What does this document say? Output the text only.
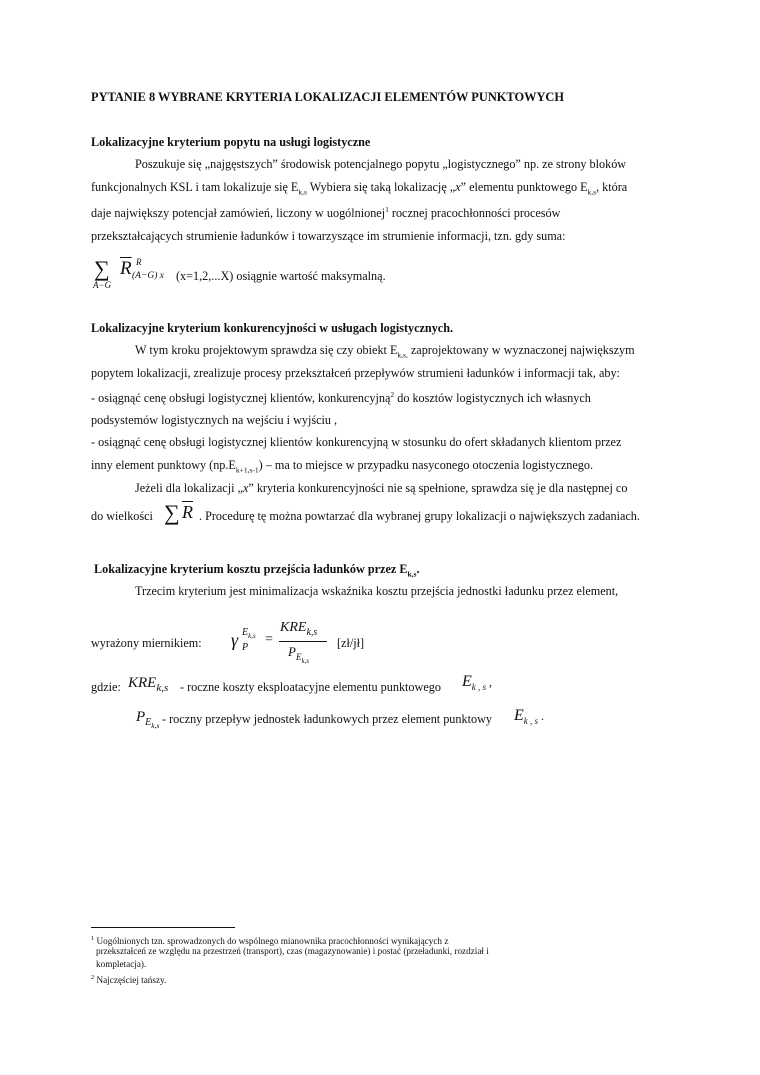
PYTANIE 8 WYBRANE KRYTERIA LOKALIZACJI ELEMENTÓW PUNKTOWYCH
Lokalizacyjne kryterium popytu na usługi logistyczne
Poszukuje się „najgęstszych” środowisk potencjalnego popytu „logistycznego” np. ze strony bloków
funkcjonalnych KSL i tam lokalizuje się $E_{k,s}$ Wybiera się taką lokalizację „x” elementu punktowego $E_{k,s}$, która
daje największy potencjał zamówień, liczony w uogólnionej$^1$ rocznej pracochłonności procesów
przekształcających strumienie ładunków i towarzyszące im strumienie informacji, tzn. gdy suma:
∑
A−G
$\overline{R}$ R
(A−G) x (x=1,2,...X) osiągnie wartość maksymalną.
Lokalizacyjne kryterium konkurencyjności w usługach logistycznych.
W tym kroku projektowym sprawdza się czy obiekt $E_{k,s,}$ zaprojektowany w wyznaczonej największym
popytem lokalizacji, zrealizuje procesy przekształceń przepływów strumieni ładunków i informacji tak, aby:
- osiągnąć cenę obsługi logistycznej klientów, konkurencyjną$^2$ do kosztów logistycznych ich własnych
podsystemów logistycznych na wejściu i wyjściu ,
- osiągnąć cenę obsługi logistycznej klientów konkurencyjną w stosunku do ofert składanych klientom przez
inny element punktowy $(np.E_{k+1,s-1})$ – ma to miejsce w przypadku nasyconego otoczenia logistycznego.
Jeżeli dla lokalizacji „x” kryteria konkurencyjności nie są spełnione, sprawdza się je dla następnej co
do wielkości ∑ $\overline{R}$ . Procedurę tę można powtarzać dla wybranej grupy lokalizacji o największych zadaniach.
Lokalizacyjne kryterium kosztu przejścia ładunków przez $E_{k,s}$.
Trzecim kryterium jest minimalizacja wskaźnika kosztu przejścia jednostki ładunku przez element,
wyrażony miernikiem: γ P
$E_{k,s}$ =
$KRE_{k,s}$
$P_{E_{k,s}}$
[zł/jł]
gdzie: $KRE_{k,s}$ - roczne koszty eksploatacyjne elementu punktowego $E_{k , s}$ ,
$P_{E_{k,s}}$ - roczny przepływ jednostek ładunkowych przez element punktowy $E_{k , s}$ .
$^1$ Uogólnionych tzn. sprowadzonych do wspólnego mianownika pracochłonności wynikających z
przekształceń ze względu na przestrzeń (transport), czas (magazynowanie) i postać (przeładunki, rozdział i
kompletacja).
$^2$ Najczęściej tańszy.
